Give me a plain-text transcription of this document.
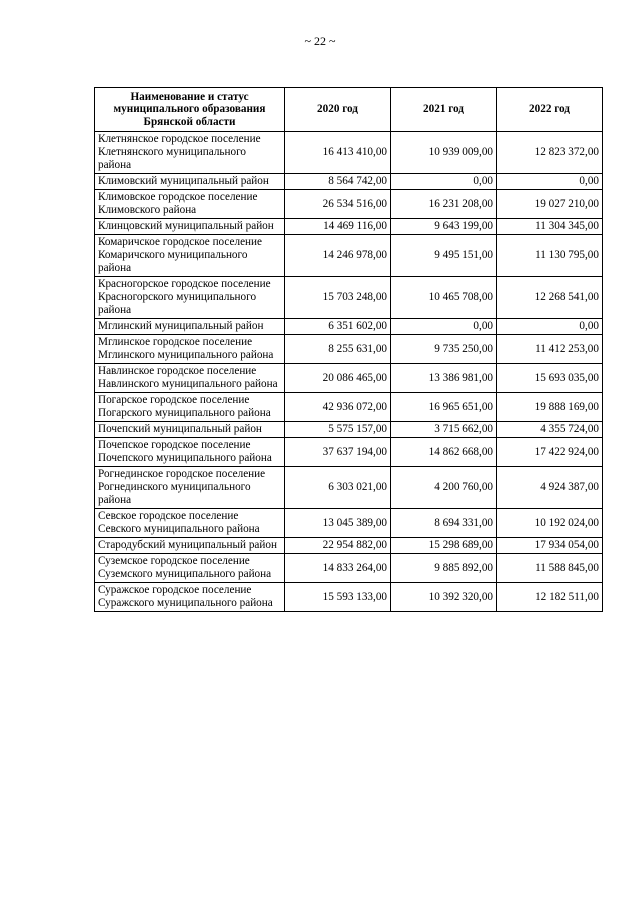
~ 22 ~
Наименование и статус муниципального образования Брянской области	2020 год	2021 год	2022 год
Клетнянское городское поселение Клетнянского муниципального района	16 413 410,00	10 939 009,00	12 823 372,00
Климовский муниципальный район	8 564 742,00	0,00	0,00
Климовское городское поселение Климовского района	26 534 516,00	16 231 208,00	19 027 210,00
Клинцовский муниципальный район	14 469 116,00	9 643 199,00	11 304 345,00
Комаричское городское поселение Комаричского муниципального района	14 246 978,00	9 495 151,00	11 130 795,00
Красногорское городское поселение Красногорского муниципального района	15 703 248,00	10 465 708,00	12 268 541,00
Мглинский муниципальный район	6 351 602,00	0,00	0,00
Мглинское городское поселение Мглинского муниципального района	8 255 631,00	9 735 250,00	11 412 253,00
Навлинское городское поселение Навлинского муниципального района	20 086 465,00	13 386 981,00	15 693 035,00
Погарское городское поселение Погарского муниципального района	42 936 072,00	16 965 651,00	19 888 169,00
Почепский муниципальный район	5 575 157,00	3 715 662,00	4 355 724,00
Почепское городское поселение Почепского муниципального района	37 637 194,00	14 862 668,00	17 422 924,00
Рогнединское городское поселение Рогнединского муниципального района	6 303 021,00	4 200 760,00	4 924 387,00
Севское городское поселение Севского муниципального района	13 045 389,00	8 694 331,00	10 192 024,00
Стародубский муниципальный район	22 954 882,00	15 298 689,00	17 934 054,00
Суземское городское поселение Суземского муниципального района	14 833 264,00	9 885 892,00	11 588 845,00
Суражское городское поселение Суражского муниципального района	15 593 133,00	10 392 320,00	12 182 511,00
